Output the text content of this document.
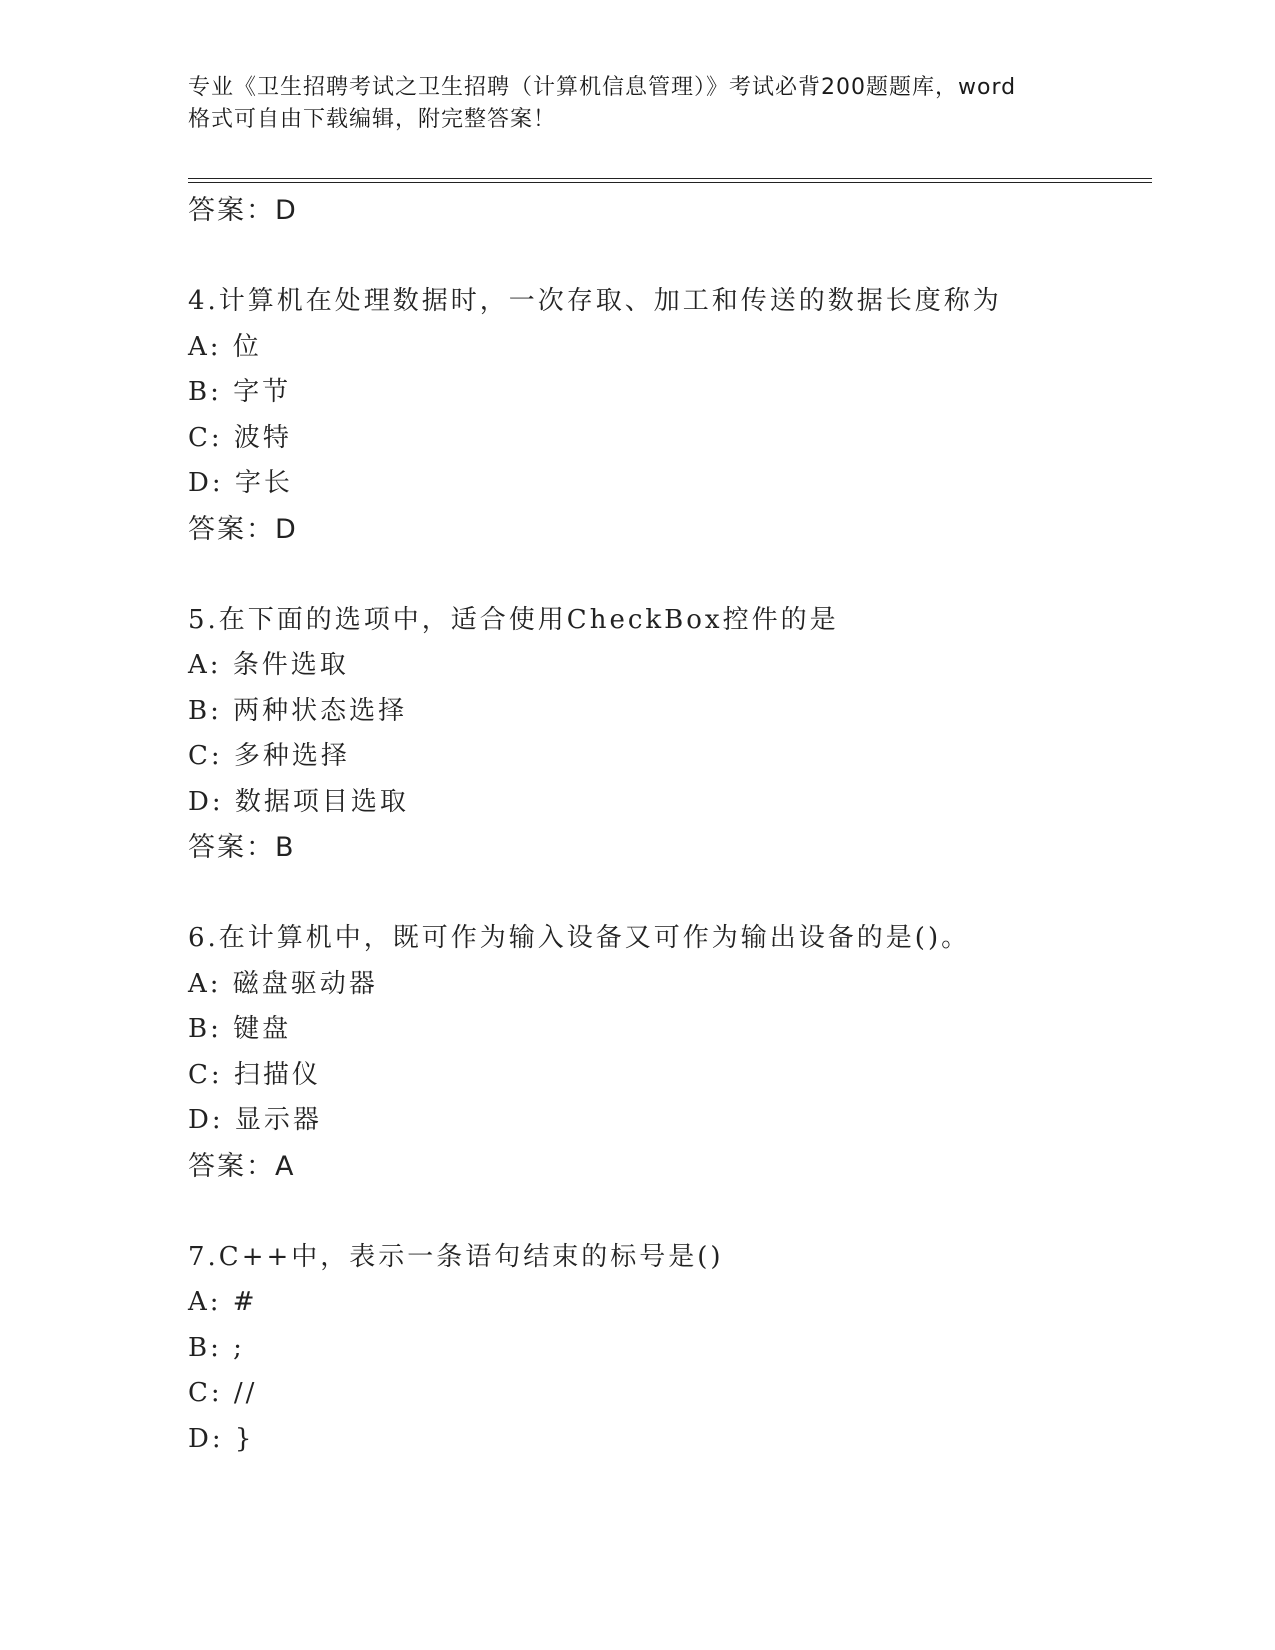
专业《卫生招聘考试之卫生招聘（计算机信息管理）》考试必背200题题库，word
格式可自由下载编辑，附完整答案！
答案：D
4.计算机在处理数据时，一次存取、加工和传送的数据长度称为
A: 位
B: 字节
C: 波特
D: 字长
答案：D
5.在下面的选项中，适合使用CheckBox控件的是
A: 条件选取
B: 两种状态选择
C: 多种选择
D: 数据项目选取
答案：B
6.在计算机中，既可作为输入设备又可作为输出设备的是()。
A: 磁盘驱动器
B: 键盘
C: 扫描仪
D: 显示器
答案：A
7.C++中，表示一条语句结束的标号是()
A: #
B: ;
C: //
D: }
